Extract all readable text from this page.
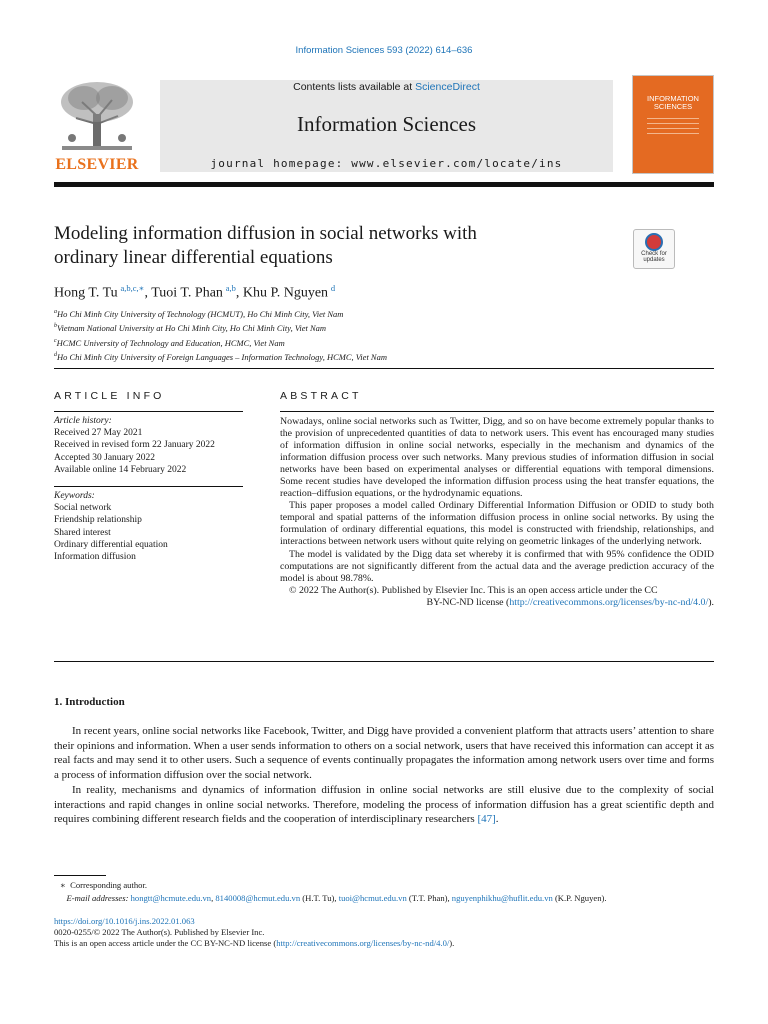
Information Sciences 593 (2022) 614–636
Contents lists available at ScienceDirect
Information Sciences
journal homepage: www.elsevier.com/locate/ins
ELSEVIER
INFORMATION SCIENCES
Modeling information diffusion in social networks with
ordinary linear differential equations	Check for updates
Hong T. Tu  $^{a,b,c,∗}$, Tuoi T. Phan  $^{a,b}$, Khu P. Nguyen  $^d$
$^a$Ho Chi Minh City University of Technology (HCMUT), Ho Chi Minh City, Viet Nam
$^b$Vietnam National University at Ho Chi Minh City, Ho Chi Minh City, Viet Nam
$^c$HCMC University of Technology and Education, HCMC, Viet Nam
$^d$Ho Chi Minh City University of Foreign Languages – Information Technology, HCMC, Viet Nam
ARTICLE INFO
Article history:
Received 27 May 2021
Received in revised form 22 January 2022
Accepted 30 January 2022
Available online 14 February 2022
Keywords:
Social network
Friendship relationship
Shared interest
Ordinary differential equation
Information diffusion
ABSTRACT

Nowadays, online social networks such as Twitter, Digg, and so on have become extremely popular thanks to the provision of unprecedented quantities of data to network users. This event has encouraged many studies of information diffusion in online social networks, especially in the mechanism and dynamics of the information diffusion process over such networks. Many previous studies of information diffusion in social networks have been based on experimental analyses or differential equations with temporal dimensions. Some recent studies have developed the information diffusion process using the heat transfer equations, the reaction–diffusion equations, or the hydrodynamic equations.

This paper proposes a model called Ordinary Differential Information Diffusion or ODID to study both temporal and spatial patterns of the information diffusion process in online social networks. By using the formulation of ordinary differential equations, this model is constructed with friendship, relationships, and interactions between network users without quite relying on geometric linkages of the underlying network.

The model is validated by the Digg data set whereby it is confirmed that with 95% confidence the ODID computations are not significantly different from the actual data and the average prediction accuracy of the model is about 98.78%.

© 2022 The Author(s). Published by Elsevier Inc. This is an open access article under the CC

BY-NC-ND license (http://creativecommons.org/licenses/by-nc-nd/4.0/).

1. Introduction

In recent years, online social networks like Facebook, Twitter, and Digg have provided a convenient platform that attracts users’ attention to share their opinions and information. When a user sends information to others on a social network, users that have received this information can accept it as real facts and may send it to other users. Such a sequence of events continually propagates the information among network users over time and forms a process of information diffusion over the social network.

In reality, mechanisms and dynamics of information diffusion in online social networks are still elusive due to the complexity of social interactions and rapid changes in online social networks. Therefore, modeling the process of information diffusion has a great scientific depth and requires combining different research fields and the cooperation of interdisciplinary researchers [47].

∗ Corresponding author.

E-mail addresses: hongtt@hcmute.edu.vn, 8140008@hcmut.edu.vn (H.T. Tu), tuoi@hcmut.edu.vn (T.T. Phan), nguyenphikhu@huflit.edu.vn (K.P. Nguyen).

https://doi.org/10.1016/j.ins.2022.01.063
0020-0255/© 2022 The Author(s). Published by Elsevier Inc.
This is an open access article under the CC BY-NC-ND license (http://creativecommons.org/licenses/by-nc-nd/4.0/).
